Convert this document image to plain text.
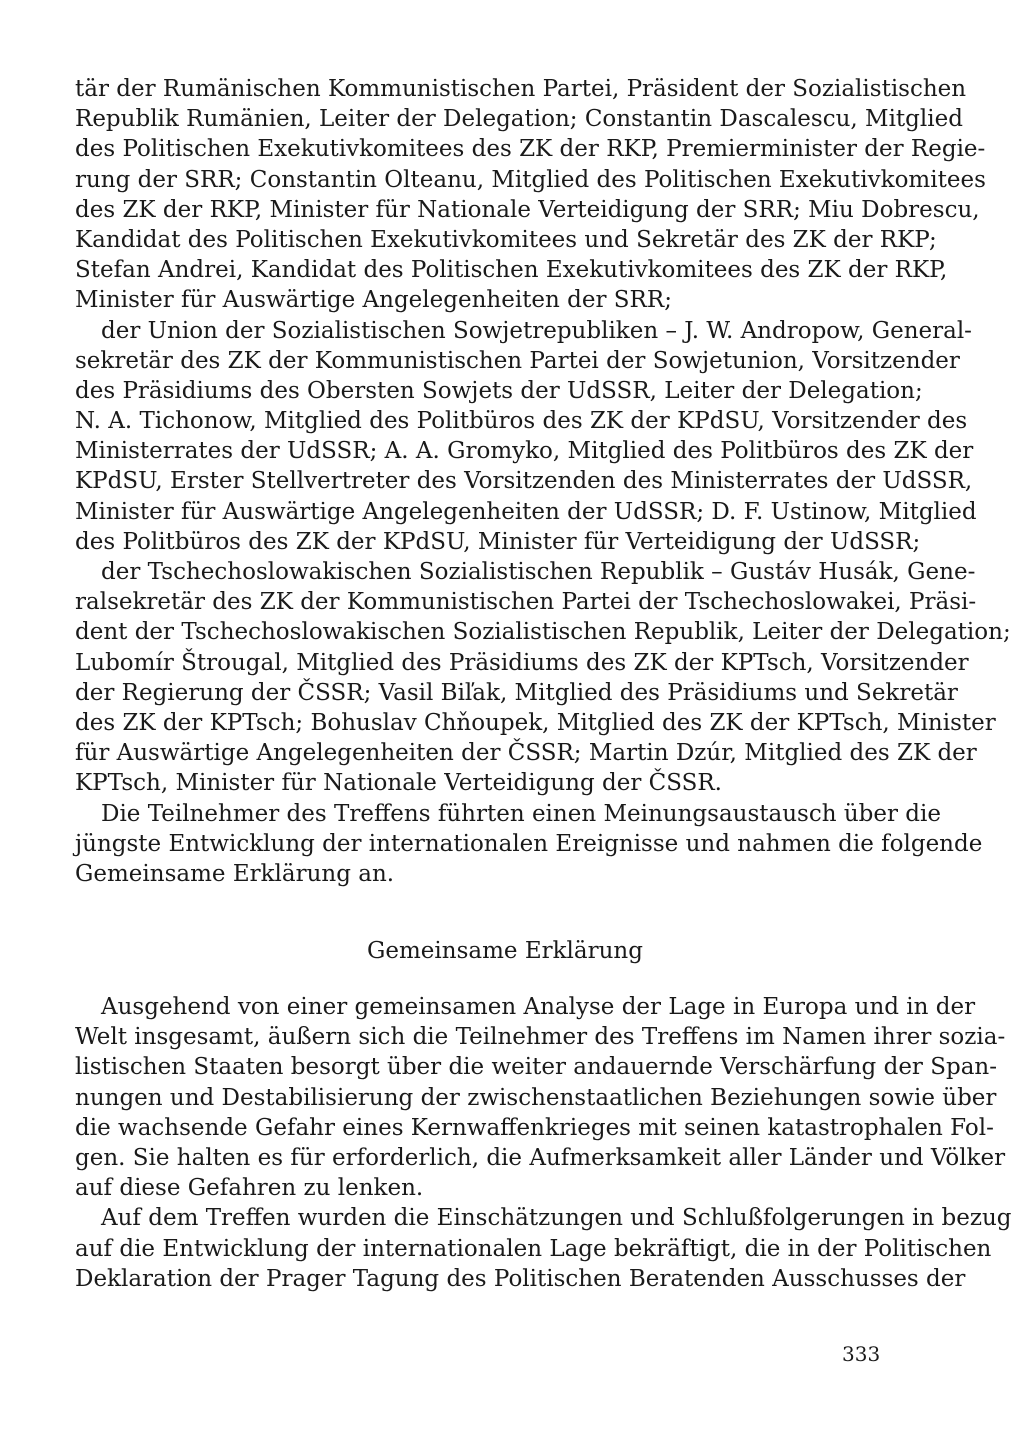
tär der Rumänischen Kommunistischen Partei, Präsident der Sozialistischen
Republik Rumänien, Leiter der Delegation; Constantin Dascalescu, Mitglied
des Politischen Exekutivkomitees des ZK der RKP, Premierminister der Regie-
rung der SRR; Constantin Olteanu, Mitglied des Politischen Exekutivkomitees
des ZK der RKP, Minister für Nationale Verteidigung der SRR; Miu Dobrescu,
Kandidat des Politischen Exekutivkomitees und Sekretär des ZK der RKP;
Stefan Andrei, Kandidat des Politischen Exekutivkomitees des ZK der RKP,
Minister für Auswärtige Angelegenheiten der SRR;
der Union der Sozialistischen Sowjetrepubliken – J. W. Andropow, General-
sekretär des ZK der Kommunistischen Partei der Sowjetunion, Vorsitzender
des Präsidiums des Obersten Sowjets der UdSSR, Leiter der Delegation;
N. A. Tichonow, Mitglied des Politbüros des ZK der KPdSU, Vorsitzender des
Ministerrates der UdSSR; A. A. Gromyko, Mitglied des Politbüros des ZK der
KPdSU, Erster Stellvertreter des Vorsitzenden des Ministerrates der UdSSR,
Minister für Auswärtige Angelegenheiten der UdSSR; D. F. Ustinow, Mitglied
des Politbüros des ZK der KPdSU, Minister für Verteidigung der UdSSR;
der Tschechoslowakischen Sozialistischen Republik – Gustáv Husák, Gene-
ralsekretär des ZK der Kommunistischen Partei der Tschechoslowakei, Präsi-
dent der Tschechoslowakischen Sozialistischen Republik, Leiter der Delegation;
Lubomír Štrougal, Mitglied des Präsidiums des ZK der KPTsch, Vorsitzender
der Regierung der ČSSR; Vasil Biľak, Mitglied des Präsidiums und Sekretär
des ZK der KPTsch; Bohuslav Chňoupek, Mitglied des ZK der KPTsch, Minister
für Auswärtige Angelegenheiten der ČSSR; Martin Dzúr, Mitglied des ZK der
KPTsch, Minister für Nationale Verteidigung der ČSSR.
Die Teilnehmer des Treffens führten einen Meinungsaustausch über die
jüngste Entwicklung der internationalen Ereignisse und nahmen die folgende
Gemeinsame Erklärung an.
Gemeinsame Erklärung
Ausgehend von einer gemeinsamen Analyse der Lage in Europa und in der
Welt insgesamt, äußern sich die Teilnehmer des Treffens im Namen ihrer sozia-
listischen Staaten besorgt über die weiter andauernde Verschärfung der Span-
nungen und Destabilisierung der zwischenstaatlichen Beziehungen sowie über
die wachsende Gefahr eines Kernwaffenkrieges mit seinen katastrophalen Fol-
gen. Sie halten es für erforderlich, die Aufmerksamkeit aller Länder und Völker
auf diese Gefahren zu lenken.
Auf dem Treffen wurden die Einschätzungen und Schlußfolgerungen in bezug
auf die Entwicklung der internationalen Lage bekräftigt, die in der Politischen
Deklaration der Prager Tagung des Politischen Beratenden Ausschusses der
333
